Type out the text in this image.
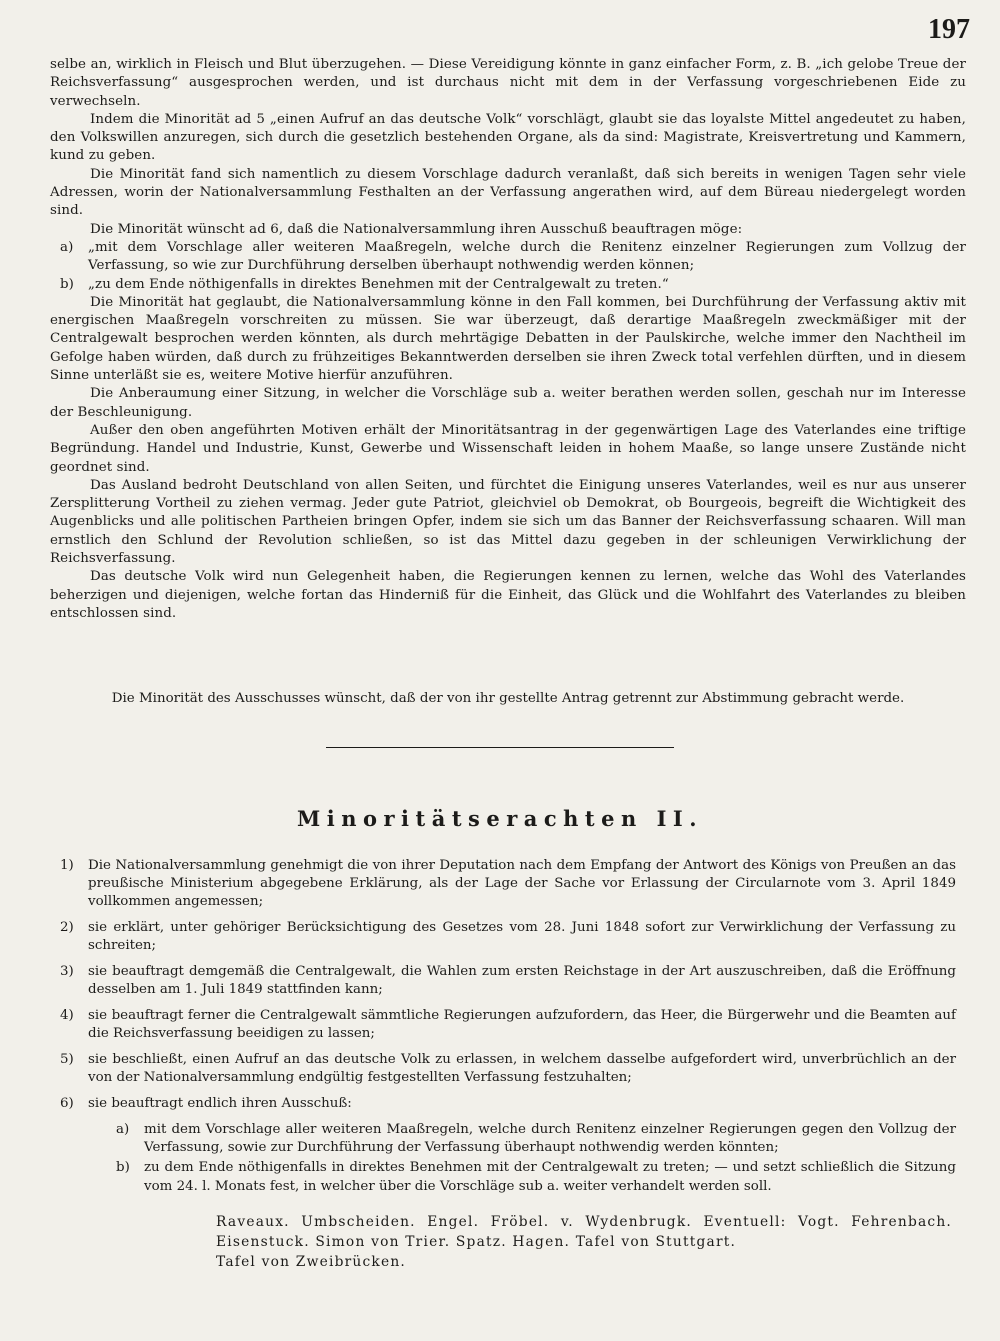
197

selbe an, wirklich in Fleisch und Blut überzugehen. — Diese Vereidigung könnte in ganz einfacher Form, z. B. „ich gelobe Treue der Reichsverfassung“ ausgesprochen werden, und ist durchaus nicht mit dem in der Verfassung vorgeschriebenen Eide zu verwechseln.

Indem die Minorität ad 5 „einen Aufruf an das deutsche Volk“ vorschlägt, glaubt sie das loyalste Mittel angedeutet zu haben, den Volkswillen anzuregen, sich durch die gesetzlich bestehenden Organe, als da sind: Magistrate, Kreisvertretung und Kammern, kund zu geben.

Die Minorität fand sich namentlich zu diesem Vorschlage dadurch veranlaßt, daß sich bereits in wenigen Tagen sehr viele Adressen, worin der Nationalversammlung Festhalten an der Verfassung angerathen wird, auf dem Büreau niedergelegt worden sind.

Die Minorität wünscht ad 6, daß die Nationalversammlung ihren Ausschuß beauftragen möge:

a)	„mit dem Vorschlage aller weiteren Maaßregeln, welche durch die Renitenz einzelner Regierungen zum Vollzug der Verfassung, so wie zur Durchführung derselben überhaupt nothwendig werden können;
b)	„zu dem Ende nöthigenfalls in direktes Benehmen mit der Centralgewalt zu treten.“

Die Minorität hat geglaubt, die Nationalversammlung könne in den Fall kommen, bei Durchführung der Verfassung aktiv mit energischen Maaßregeln vorschreiten zu müssen. Sie war überzeugt, daß derartige Maaßregeln zweckmäßiger mit der Centralgewalt besprochen werden könnten, als durch mehrtägige Debatten in der Paulskirche, welche immer den Nachtheil im Gefolge haben würden, daß durch zu frühzeitiges Bekanntwerden derselben sie ihren Zweck total verfehlen dürften, und in diesem Sinne unterläßt sie es, weitere Motive hierfür anzuführen.

Die Anberaumung einer Sitzung, in welcher die Vorschläge sub a. weiter berathen werden sollen, geschah nur im Interesse der Beschleunigung.

Außer den oben angeführten Motiven erhält der Minoritätsantrag in der gegenwärtigen Lage des Vaterlandes eine triftige Begründung. Handel und Industrie, Kunst, Gewerbe und Wissenschaft leiden in hohem Maaße, so lange unsere Zustände nicht geordnet sind.

Das Ausland bedroht Deutschland von allen Seiten, und fürchtet die Einigung unseres Vaterlandes, weil es nur aus unserer Zersplitterung Vortheil zu ziehen vermag. Jeder gute Patriot, gleichviel ob Demokrat, ob Bourgeois, begreift die Wichtigkeit des Augenblicks und alle politischen Partheien bringen Opfer, indem sie sich um das Banner der Reichsverfassung schaaren. Will man ernstlich den Schlund der Revolution schließen, so ist das Mittel dazu gegeben in der schleunigen Verwirklichung der Reichsverfassung.

Das deutsche Volk wird nun Gelegenheit haben, die Regierungen kennen zu lernen, welche das Wohl des Vaterlandes beherzigen und diejenigen, welche fortan das Hinderniß für die Einheit, das Glück und die Wohlfahrt des Vaterlandes zu bleiben entschlossen sind.

Die Minorität des Ausschusses wünscht, daß der von ihr gestellte Antrag getrennt zur Abstimmung gebracht werde.
Minoritätserachten II.
1)	Die Nationalversammlung genehmigt die von ihrer Deputation nach dem Empfang der Antwort des Königs von Preußen an das preußische Ministerium abgegebene Erklärung, als der Lage der Sache vor Erlassung der Circularnote vom 3. April 1849 vollkommen angemessen;
2)	sie erklärt, unter gehöriger Berücksichtigung des Gesetzes vom 28. Juni 1848 sofort zur Verwirklichung der Verfassung zu schreiten;
3)	sie beauftragt demgemäß die Centralgewalt, die Wahlen zum ersten Reichstage in der Art auszuschreiben, daß die Eröffnung desselben am 1. Juli 1849 stattfinden kann;
4)	sie beauftragt ferner die Centralgewalt sämmtliche Regierungen aufzufordern, das Heer, die Bürgerwehr und die Beamten auf die Reichsverfassung beeidigen zu lassen;
5)	sie beschließt, einen Aufruf an das deutsche Volk zu erlassen, in welchem dasselbe aufgefordert wird, unverbrüchlich an der von der Nationalversammlung endgültig festgestellten Verfassung festzuhalten;
6)	sie beauftragt endlich ihren Ausschuß:
a)	mit dem Vorschlage aller weiteren Maaßregeln, welche durch Renitenz einzelner Regierungen gegen den Vollzug der Verfassung, sowie zur Durchführung der Verfassung überhaupt nothwendig werden könnten;
b)	zu dem Ende nöthigenfalls in direktes Benehmen mit der Centralgewalt zu treten; — und setzt schließlich die Sitzung vom 24. l. Monats fest, in welcher über die Vorschläge sub a. weiter verhandelt werden soll.
Raveaux. Umbscheiden. Engel. Fröbel. v. Wydenbrugk. Eventuell: Vogt. Fehrenbach. Eisenstuck. Simon von Trier. Spatz. Hagen. Tafel von Stuttgart.
Tafel von Zweibrücken.
